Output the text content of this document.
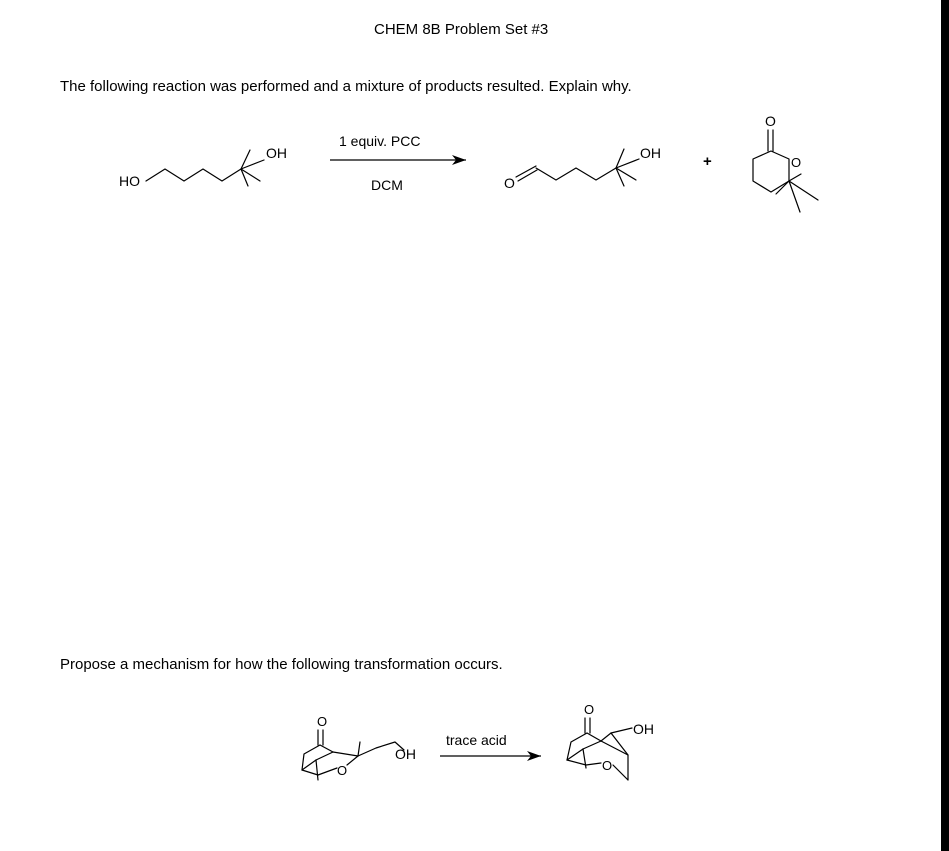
CHEM 8B Problem Set #3

The following reaction was performed and a mixture of products resulted. Explain why.

Propose a mechanism for how the following transformation occurs.

HO
OH
1 equiv. PCC
DCM	O
OH	+
O
O
O
O
OH
trace acid
O
O
OH
